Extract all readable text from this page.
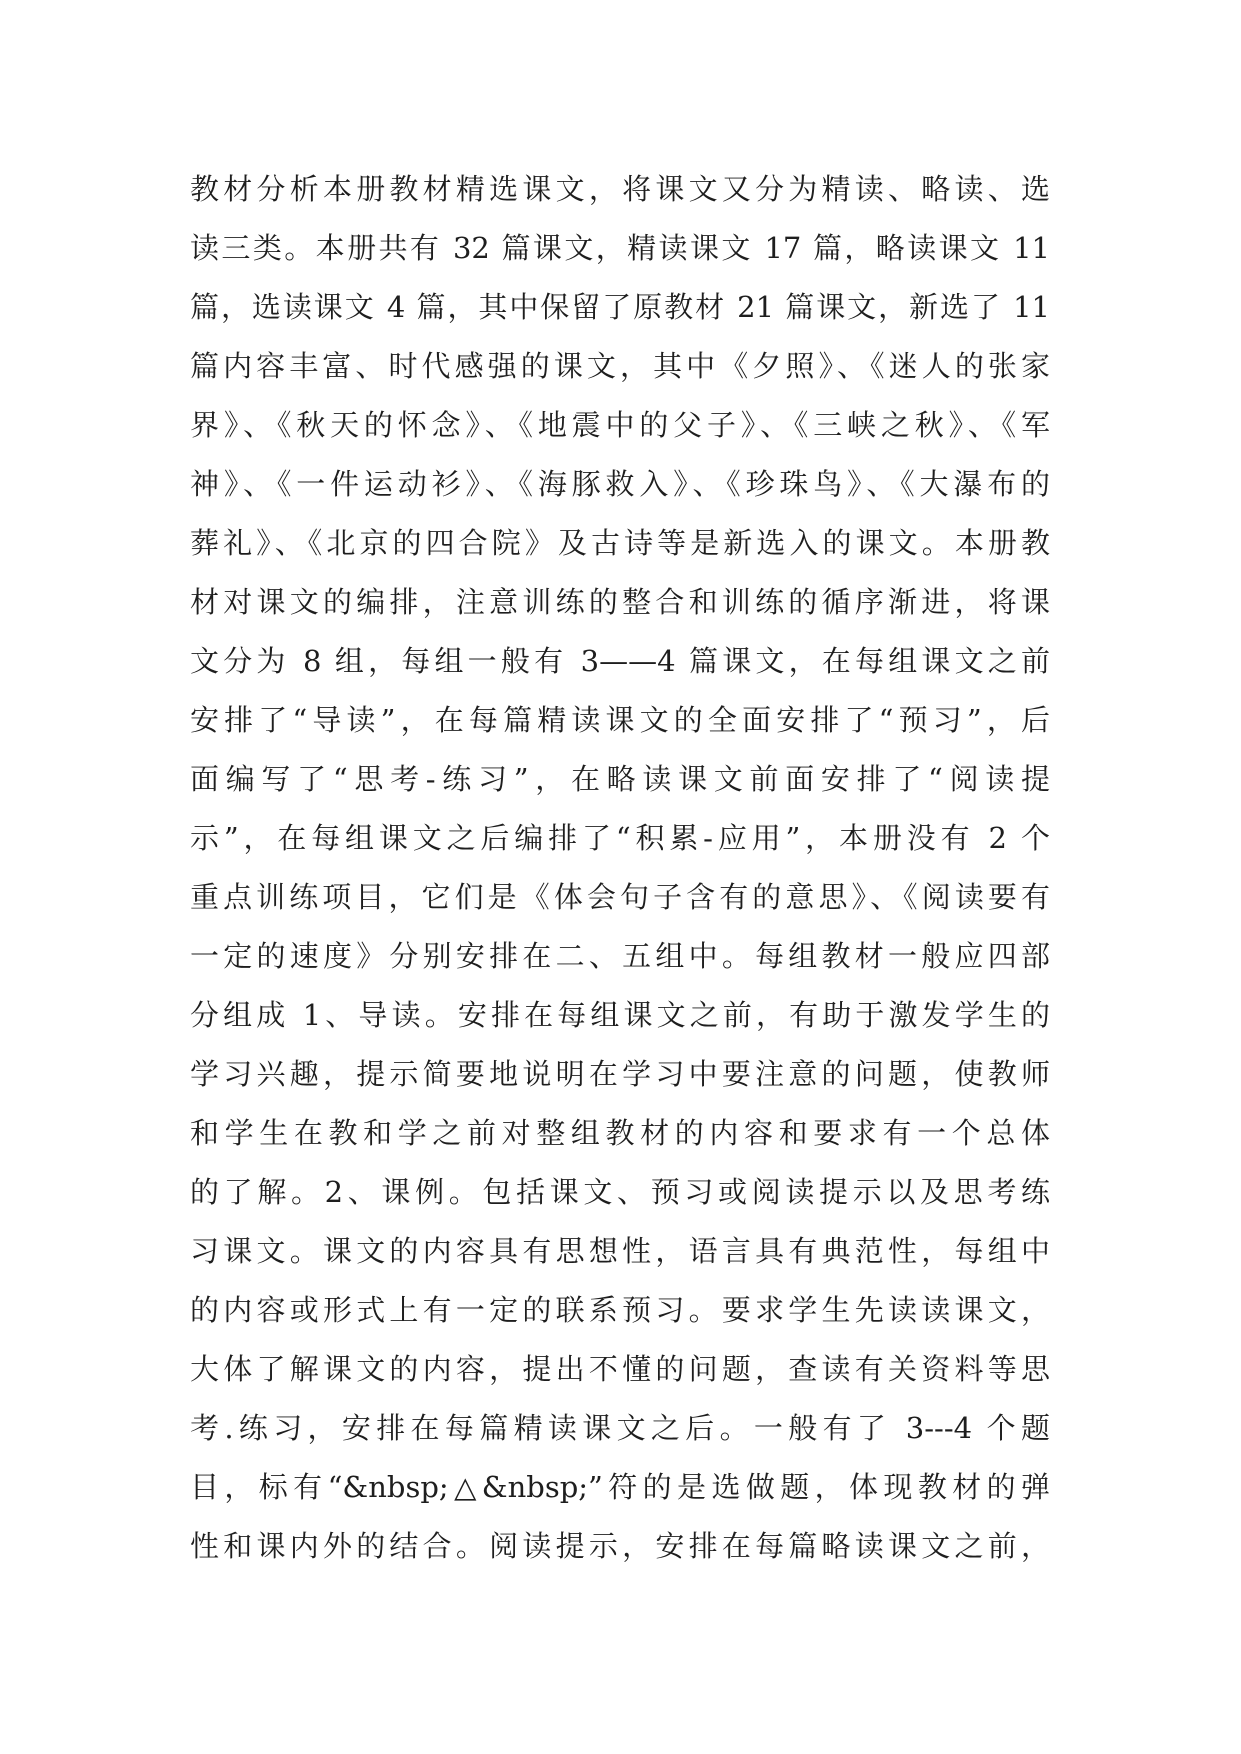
教材分析本册教材精选课文，将课文又分为精读、略读、选
读三类。本册共有 32 篇课文，精读课文 17 篇，略读课文 11
篇，选读课文 4 篇，其中保留了原教材 21 篇课文，新选了 11
篇内容丰富、时代感强的课文，其中《夕照》、《迷人的张家
界》、《秋天的怀念》、《地震中的父子》、《三峡之秋》、《军
神》、《一件运动衫》、《海豚救入》、《珍珠鸟》、《大瀑布的
葬礼》、《北京的四合院》及古诗等是新选入的课文。本册教
材对课文的编排，注意训练的整合和训练的循序渐进，将课
文分为 8 组，每组一般有 3——4 篇课文，在每组课文之前
安排了“导读”，在每篇精读课文的全面安排了“预习”，后
面编写了“思考-练习”，在略读课文前面安排了“阅读提
示”，在每组课文之后编排了“积累-应用”，本册没有 2 个
重点训练项目，它们是《体会句子含有的意思》、《阅读要有
一定的速度》分别安排在二、五组中。每组教材一般应四部
分组成 1、导读。安排在每组课文之前，有助于激发学生的
学习兴趣，提示简要地说明在学习中要注意的问题，使教师
和学生在教和学之前对整组教材的内容和要求有一个总体
的了解。2、课例。包括课文、预习或阅读提示以及思考练
习课文。课文的内容具有思想性，语言具有典范性，每组中
的内容或形式上有一定的联系预习。要求学生先读读课文，
大体了解课文的内容，提出不懂的问题，查读有关资料等思
考.练习，安排在每篇精读课文之后。一般有了 3---4 个题
目，标有“&nbsp;△&nbsp;”符的是选做题，体现教材的弹
性和课内外的结合。阅读提示，安排在每篇略读课文之前，
